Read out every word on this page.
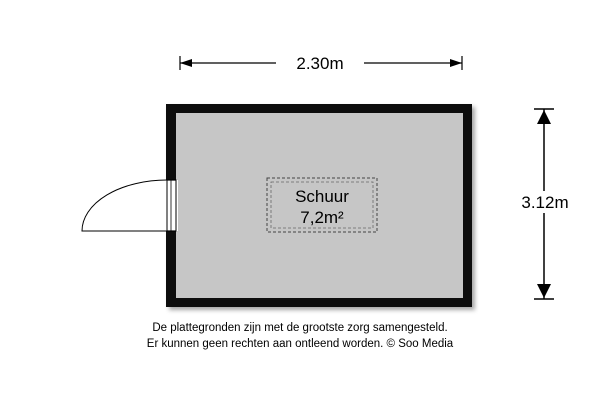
2.30m
Schuur
7,2m²
3.12m
De plattegronden zijn met de grootste zorg samengesteld.
Er kunnen geen rechten aan ontleend worden. © Soo Media
